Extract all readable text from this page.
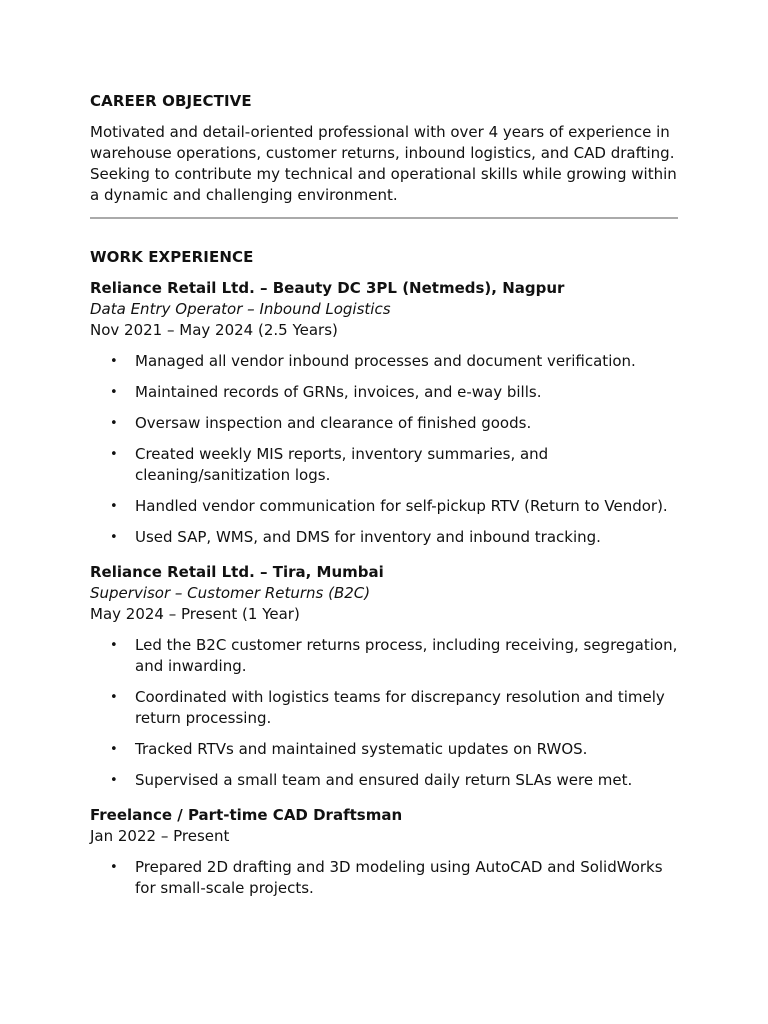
CAREER OBJECTIVE

Motivated and detail-oriented professional with over 4 years of experience in warehouse operations, customer returns, inbound logistics, and CAD drafting. Seeking to contribute my technical and operational skills while growing within a dynamic and challenging environment.

WORK EXPERIENCE

Reliance Retail Ltd. – Beauty DC 3PL (Netmeds), Nagpur

Data Entry Operator – Inbound Logistics

Nov 2021 – May 2024 (2.5 Years)

• Managed all vendor inbound processes and document verification.
• Maintained records of GRNs, invoices, and e-way bills.
• Oversaw inspection and clearance of finished goods.
• Created weekly MIS reports, inventory summaries, and cleaning/sanitization logs.
• Handled vendor communication for self-pickup RTV (Return to Vendor).
• Used SAP, WMS, and DMS for inventory and inbound tracking.

Reliance Retail Ltd. – Tira, Mumbai

Supervisor – Customer Returns (B2C)

May 2024 – Present (1 Year)

• Led the B2C customer returns process, including receiving, segregation, and inwarding.
• Coordinated with logistics teams for discrepancy resolution and timely return processing.
• Tracked RTVs and maintained systematic updates on RWOS.
• Supervised a small team and ensured daily return SLAs were met.

Freelance / Part-time CAD Draftsman

Jan 2022 – Present

• Prepared 2D drafting and 3D modeling using AutoCAD and SolidWorks for small-scale projects.
